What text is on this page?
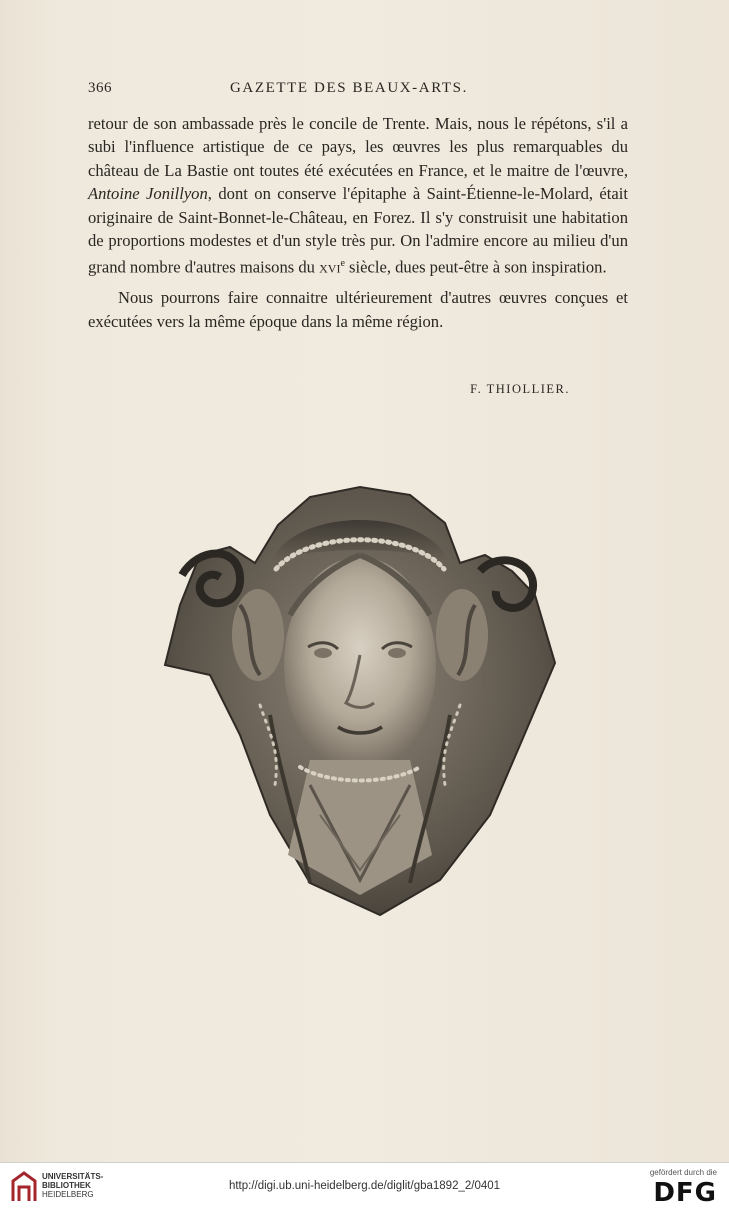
366	GAZETTE DES BEAUX-ARTS.

retour de son ambassade près le concile de Trente. Mais, nous le répétons, s'il a subi l'influence artistique de ce pays, les œuvres les plus remarquables du château de La Bastie ont toutes été exécutées en France, et le maitre de l'œuvre, Antoine Jonillyon, dont on conserve l'épitaphe à Saint-Étienne-le-Molard, était originaire de Saint-Bonnet-le-Château, en Forez. Il s'y construisit une habitation de proportions modestes et d'un style très pur. On l'admire encore au milieu d'un grand nombre d'autres maisons du xvi$^e$ siècle, dues peut-être à son inspiration.

Nous pourrons faire connaitre ultérieurement d'autres œuvres conçues et exécutées vers la même époque dans la même région.

F. THIOLLIER.
UNIVERSITÄTS-
BIBLIOTHEK
HEIDELBERG
http://digi.ub.uni-heidelberg.de/diglit/gba1892_2/0401
gefördert durch die
DFG
